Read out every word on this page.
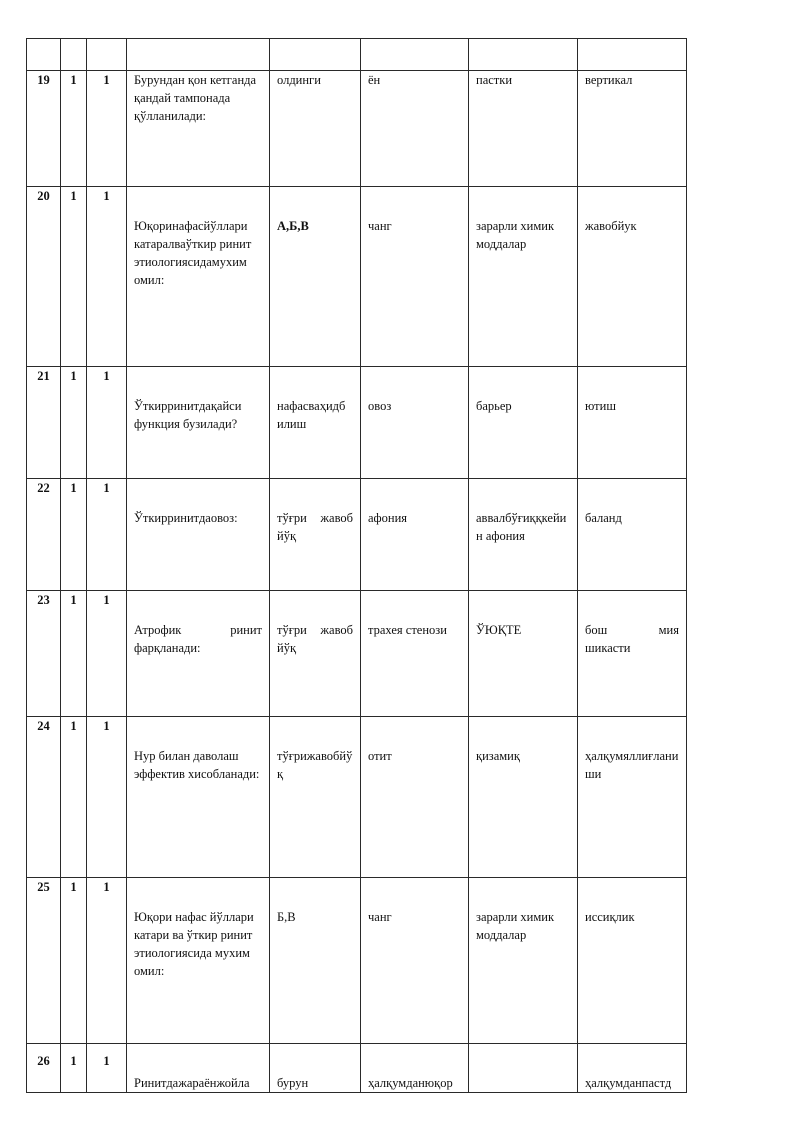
19	1	1	Бурундан қон кетганда қандай тампонада қўлланилади:	олдинги	ён	пастки	вертикал

20	1	1	Юқоринафасйўллари катаралваўткир ринит этиологиясидамухим омил:	А,Б,В	чанг	зарарли химик моддалар	жавобйук

21	1	1	Ўткирринитдақайси функция бузилади?	нафасваҳидб илиш	овоз	барьер	ютиш

22	1	1	Ўткирринитдаовоз:	тўғри жавоб йўқ	афония	аввалбўғиққкейин афония	баланд

23	1	1	Атрофик ринит фарқланади:	тўғри жавоб йўқ	трахея стенози	ЎЮҚТЕ	бош мия шикасти

24	1	1	Нур билан даволаш эффектив хисобланади:	тўғрижавобйўқ	отит	қизамиқ	ҳалқумяллиғланиши

25	1	1	Юқори нафас йўллари катари ва ўткир ринит этиологиясида мухим омил:	Б,В	чанг	зарарли химик моддалар	иссиқлик

26	1	1	Ринитдажараёнжойла	бурун	ҳалқумданюқор		ҳалқумданпастд
